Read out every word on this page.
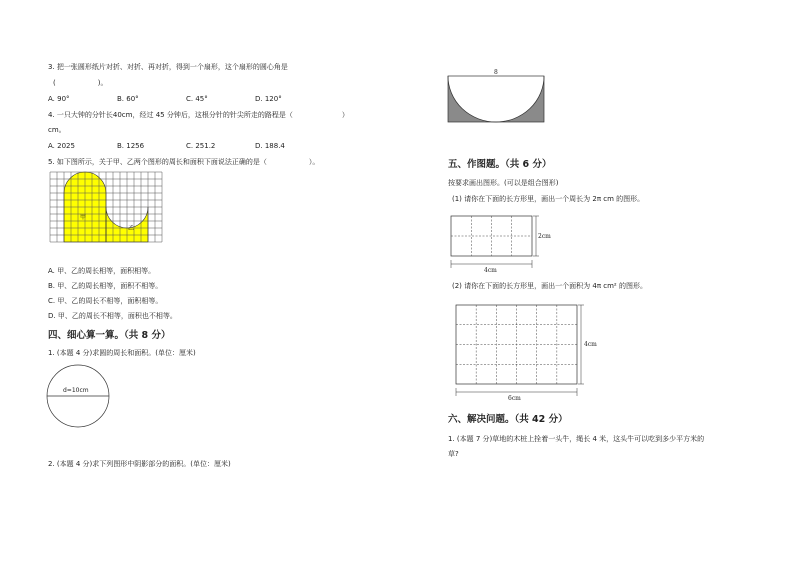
3. 把一张圆形纸片对折、对折、再对折，得到一个扇形，这个扇形的圆心角是
(　　　　　　)。
A. 90°	B. 60°	C. 45°	D. 120°
4. 一只大钟的分针长40cm，经过 45 分钟后，这根分针的针尖所走的路程是（　　　　　　　）
cm。
A. 2025	B. 1256	C. 251.2	D. 188.4
5. 如下图所示，关于甲、乙两个图形的周长和面积下面说法正确的是（　　　　　　）。
甲
乙
A. 甲、乙的周长相等，面积相等。
B. 甲、乙的周长相等，面积不相等。
C. 甲、乙的周长不相等，面积相等。
D. 甲、乙的周长不相等，面积也不相等。
四、细心算一算。（共 8 分）
1. (本题 4 分)求圆的周长和面积。(单位：厘米)
d=10cm
2. (本题 4 分)求下列图形中阴影部分的面积。(单位：厘米)
8
五、作图题。（共 6 分）
按要求画出图形。(可以是组合图形)
(1) 请你在下面的长方形里，画出一个周长为 2π cm 的图形。
4cm
2cm
(2) 请你在下面的长方形里，画出一个面积为 4π cm² 的图形。
6cm
4cm
六、解决问题。（共 42 分）
1. (本题 7 分)草地的木桩上拴着一头牛，绳长 4 米，这头牛可以吃到多少平方米的
草?
